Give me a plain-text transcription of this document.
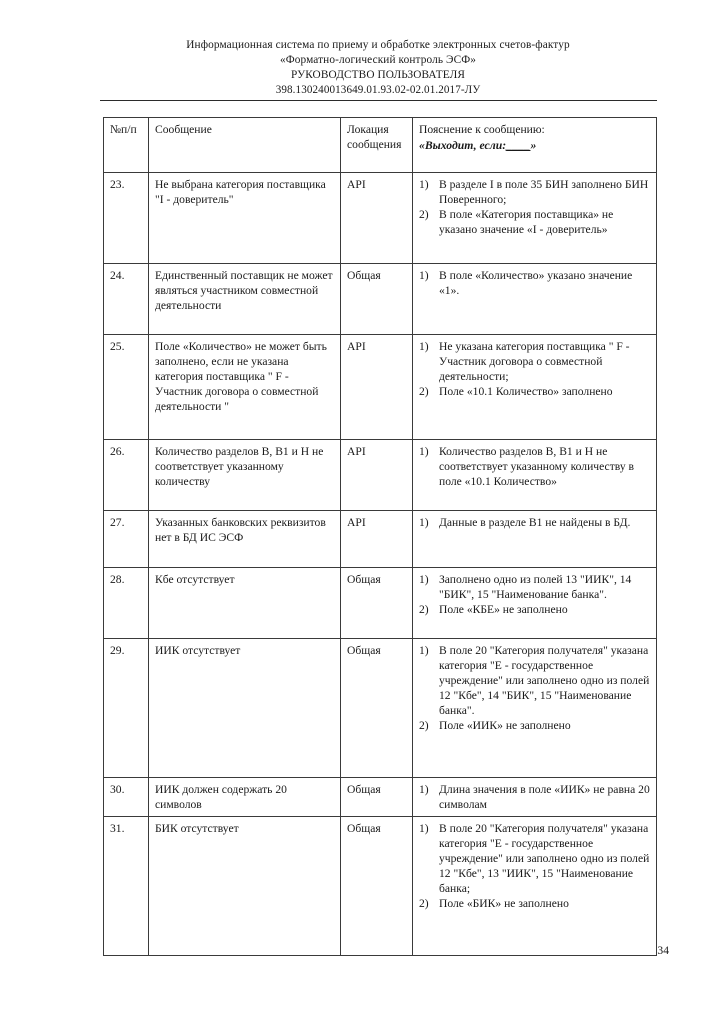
Информационная система по приему и обработке электронных счетов-фактур
«Форматно-логический контроль ЭСФ»
РУКОВОДСТВО ПОЛЬЗОВАТЕЛЯ
398.130240013649.01.93.02-02.01.2017-ЛУ
№п/п	Сообщение	Локация сообщения	Пояснение к сообщению:
«Выходит, если:____»

23.	Не выбрана категория поставщика "I - доверитель"	API	1) В разделе I в поле 35 БИН заполнено БИН Поверенного;
2) В поле «Категория поставщика» не указано значение «I - доверитель»

24.	Единственный поставщик не может являться участником совместной деятельности	Общая	1) В поле «Количество» указано значение «1».

25.	Поле «Количество» не может быть заполнено, если не указана категория поставщика " F - Участник договора о совместной деятельности "	API	1) Не указана категория поставщика " F - Участник договора о совместной деятельности;
2) Поле «10.1 Количество» заполнено

26.	Количество разделов B, B1 и H не соответствует указанному количеству	API	1) Количество разделов B, B1 и H не соответствует указанному количеству в поле «10.1 Количество»

27.	Указанных банковских реквизитов нет в БД ИС ЭСФ	API	1) Данные в разделе B1 не найдены в БД.

28.	Кбе отсутствует	Общая	1) Заполнено одно из полей 13 "ИИК", 14 "БИК", 15 "Наименование банка".
2) Поле «КБЕ» не заполнено

29.	ИИК отсутствует	Общая	1) В поле 20 "Категория получателя" указана категория "Е - государственное учреждение" или заполнено одно из полей 12 "Кбе", 14 "БИК", 15 "Наименование банка".
2) Поле «ИИК» не заполнено

30.	ИИК должен содержать 20 символов	Общая	1) Длина значения в поле «ИИК» не равна 20 символам

31.	БИК отсутствует	Общая	1) В поле 20 "Категория получателя" указана категория "Е - государственное учреждение" или заполнено одно из полей 12 "Кбе", 13 "ИИК", 15 "Наименование банка;
2) Поле «БИК» не заполнено
34
